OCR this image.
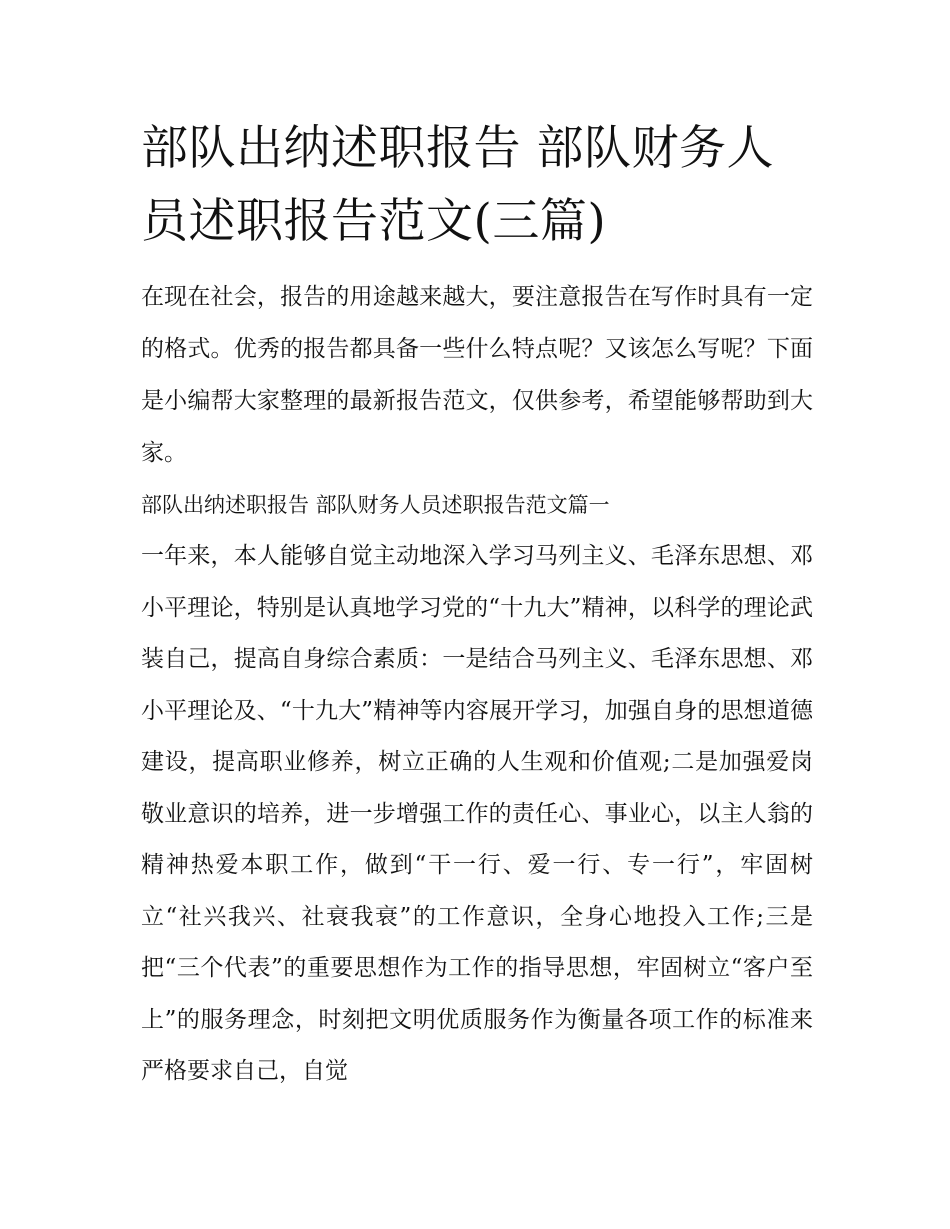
部队出纳述职报告 部队财务人员述职报告范文(三篇)

在现在社会，报告的用途越来越大，要注意报告在写作时具有一定的格式。优秀的报告都具备一些什么特点呢？又该怎么写呢？下面是小编帮大家整理的最新报告范文，仅供参考，希望能够帮助到大家。

部队出纳述职报告 部队财务人员述职报告范文篇一

一年来，本人能够自觉主动地深入学习马列主义、毛泽东思想、邓小平理论，特别是认真地学习党的“十九大”精神，以科学的理论武装自己，提高自身综合素质：一是结合马列主义、毛泽东思想、邓小平理论及、“十九大”精神等内容展开学习，加强自身的思想道德建设，提高职业修养，树立正确的人生观和价值观;二是加强爱岗敬业意识的培养，进一步增强工作的责任心、事业心，以主人翁的精神热爱本职工作，做到“干一行、爱一行、专一行”，牢固树立“社兴我兴、社衰我衰”的工作意识，全身心地投入工作;三是把“三个代表”的重要思想作为工作的指导思想，牢固树立“客户至上”的服务理念，时刻把文明优质服务作为衡量各项工作的标准来严格要求自己，自觉
